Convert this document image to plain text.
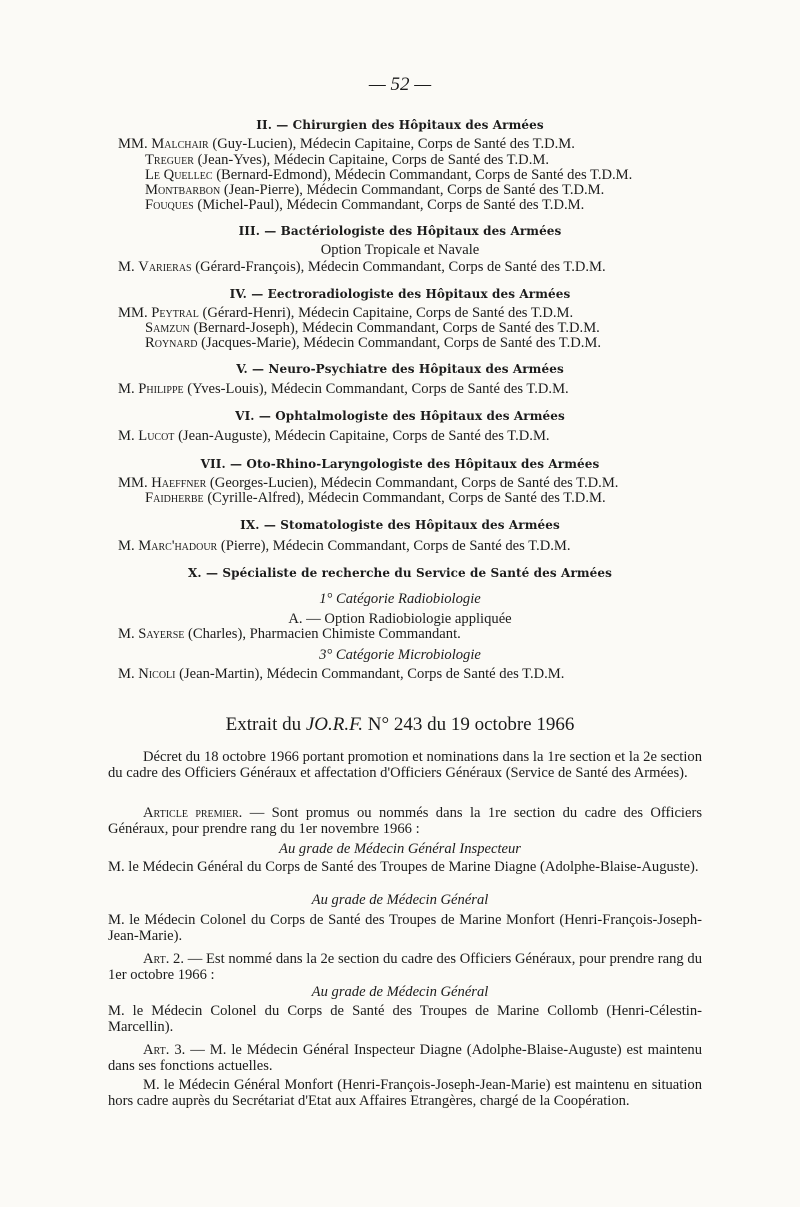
— 52 —
II. — Chirurgien des Hôpitaux des Armées
MM. Malchair (Guy-Lucien), Médecin Capitaine, Corps de Santé des T.D.M.
Treguer (Jean-Yves), Médecin Capitaine, Corps de Santé des T.D.M.
Le Quellec (Bernard-Edmond), Médecin Commandant, Corps de Santé des T.D.M.
Montbarbon (Jean-Pierre), Médecin Commandant, Corps de Santé des T.D.M.
Fouques (Michel-Paul), Médecin Commandant, Corps de Santé des T.D.M.
III. — Bactériologiste des Hôpitaux des Armées
Option Tropicale et Navale
M. Varieras (Gérard-François), Médecin Commandant, Corps de Santé des T.D.M.
IV. — Eectroradiologiste des Hôpitaux des Armées
MM. Peytral (Gérard-Henri), Médecin Capitaine, Corps de Santé des T.D.M.
Samzun (Bernard-Joseph), Médecin Commandant, Corps de Santé des T.D.M.
Roynard (Jacques-Marie), Médecin Commandant, Corps de Santé des T.D.M.
V. — Neuro-Psychiatre des Hôpitaux des Armées
M. Philippe (Yves-Louis), Médecin Commandant, Corps de Santé des T.D.M.
VI. — Ophtalmologiste des Hôpitaux des Armées
M. Lucot (Jean-Auguste), Médecin Capitaine, Corps de Santé des T.D.M.
VII. — Oto-Rhino-Laryngologiste des Hôpitaux des Armées
MM. Haeffner (Georges-Lucien), Médecin Commandant, Corps de Santé des T.D.M.
Faidherbe (Cyrille-Alfred), Médecin Commandant, Corps de Santé des T.D.M.
IX. — Stomatologiste des Hôpitaux des Armées
M. Marc'hadour (Pierre), Médecin Commandant, Corps de Santé des T.D.M.
X. — Spécialiste de recherche du Service de Santé des Armées
1° Catégorie Radiobiologie
A. — Option Radiobiologie appliquée
M. Sayerse (Charles), Pharmacien Chimiste Commandant.
3° Catégorie Microbiologie
M. Nicoli (Jean-Martin), Médecin Commandant, Corps de Santé des T.D.M.
Extrait du JO.R.F. N° 243 du 19 octobre 1966
Décret du 18 octobre 1966 portant promotion et nominations dans la 1re section et la 2e section du cadre des Officiers Généraux et affectation d'Officiers Généraux (Service de Santé des Armées).
Article premier. — Sont promus ou nommés dans la 1re section du cadre des Officiers Généraux, pour prendre rang du 1er novembre 1966 :
Au grade de Médecin Général Inspecteur
M. le Médecin Général du Corps de Santé des Troupes de Marine Diagne (Adolphe-Blaise-Auguste).
Au grade de Médecin Général
M. le Médecin Colonel du Corps de Santé des Troupes de Marine Monfort (Henri-François-Joseph-Jean-Marie).
Art. 2. — Est nommé dans la 2e section du cadre des Officiers Généraux, pour prendre rang du 1er octobre 1966 :
Au grade de Médecin Général
M. le Médecin Colonel du Corps de Santé des Troupes de Marine Collomb (Henri-Célestin-Marcellin).
Art. 3. — M. le Médecin Général Inspecteur Diagne (Adolphe-Blaise-Auguste) est maintenu dans ses fonctions actuelles.
M. le Médecin Général Monfort (Henri-François-Joseph-Jean-Marie) est maintenu en situation hors cadre auprès du Secrétariat d'Etat aux Affaires Etrangères, chargé de la Coopération.
